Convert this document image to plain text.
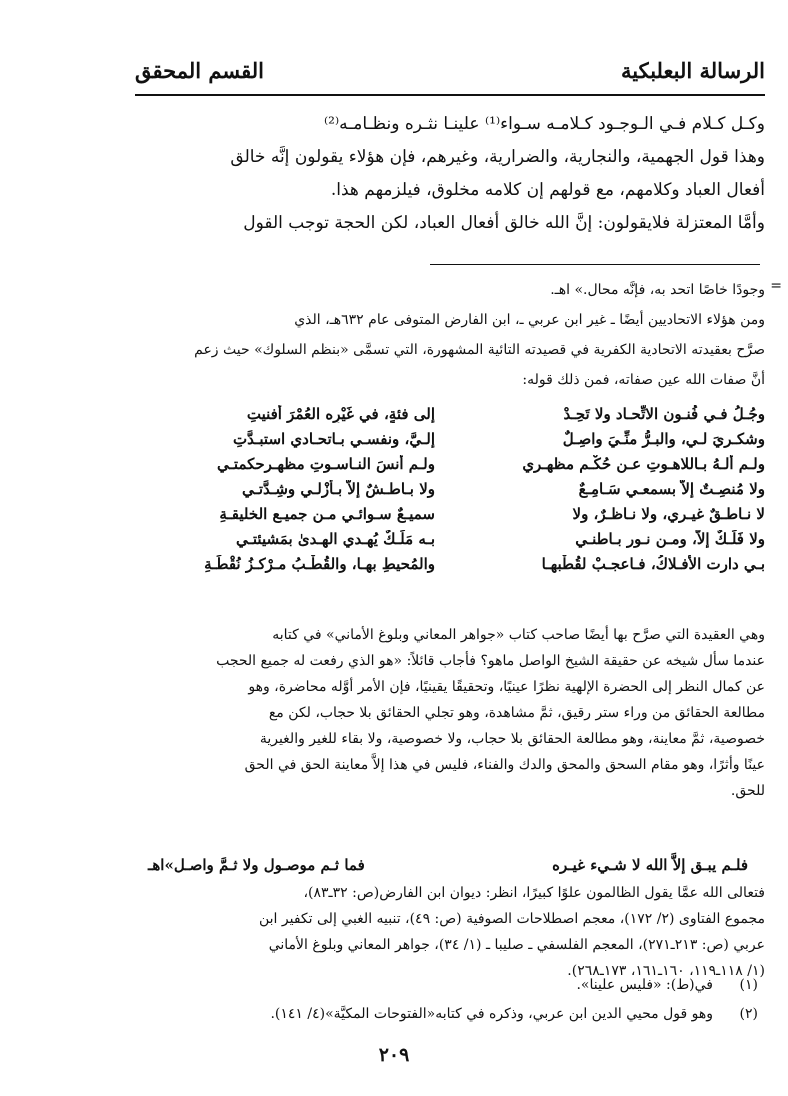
الرسالة البعلبكية
القسم المحقق

وكـل كـلام فـي الـوجـود كـلامـه سـواء⁽¹⁾ علينـا نثـره ونظـامـه⁽²⁾

وهذا قول الجهمية، والنجارية، والضرارية، وغيرهم، فإن هؤلاء يقولون إنَّه خالق

أفعال العباد وكلامهم، مع قولهم إن كلامه مخلوق، فيلزمهم هذا.

وأمَّا المعتزلة فلايقولون: إنَّ الله خالق أفعال العباد، لكن الحجة توجب القول

=

وجودًا خاصًا اتحد به، فإنَّه محال.» اهـ.

ومن هؤلاء الاتحاديين أيضًا ـ غير ابن عربي ـ، ابن الفارض المتوفى عام ٦٣٢هـ، الذي

صرَّح بعقيدته الاتحادية الكفرية في قصيدته التائية المشهورة، التي تسمَّى «بنظم السلوك» حيث زعم

أنَّ صفات الله عين صفاته، فمن ذلك قوله:

وجُـلُ فـي فُنـون الاتِّحـاد ولا تَحِـدْ
إلى فئةٍ، في غَيْرِه العُمْرَ أفنيتِ
وشكـريَ لـي، والبـرُّ منِّـيَ واصِـلٌ
إلـيَّ، ونفسـي بـاتحـادي استبـدَّتِ
ولـم ألـهُ بـاللاهـوتِ عـن حُكْـم مظهـري
ولـم أنسَ النـاسـوتِ مظهـرحكمتـي
ولا مُنصِـتٌ إلاَّ بسمعـي سَـامِـعٌ
ولا بـاطـشٌ إلاَّ بـأزْلـي وشِـدَّتـي
لا نـاطـقٌ غيـري، ولا نـاظـرٌ، ولا
سميـعٌ سـوائـي مـن جميـع الخليقـةِ
ولا فَلَـكٌ إلاَّ، ومـن نـور بـاطنـي
بـه مَلَـكٌ يُهـدي الهـدىٰ بمَشيئتـي
بـي دارت الأفـلاكُ، فـاعجـبْ لقُطْبهـا
والمُحيطِ بهـا، والقُطْـبُ مـرْكـزُ نُقْطَـةِ

وهي العقيدة التي صرَّح بها أيضًا صاحب كتاب «جواهر المعاني وبلوغ الأماني» في كتابه

عندما سأل شيخه عن حقيقة الشيخ الواصل ماهو؟ فأجاب قائلاً: «هو الذي رفعت له جميع الحجب

عن كمال النظر إلى الحضرة الإلهية نظرًا عينيًا، وتحقيقًا يقينيًا، فإن الأمر أوَّله محاضرة، وهو

مطالعة الحقائق من وراء ستر رقيق، ثمَّ مشاهدة، وهو تجلي الحقائق بلا حجاب، لكن مع

خصوصية، ثمَّ معاينة، وهو مطالعة الحقائق بلا حجاب، ولا خصوصية، ولا بقاء للغير والغيرية

عينًا وأثرًا، وهو مقام السحق والمحق والدك والفناء، فليس في هذا إلاَّ معاينة الحق في الحق

للحق.

فلـم يبـق إلاَّ الله لا شـيء غيـره
فما ثـم موصـول ولا ثـمَّ واصـل»اهـ

فتعالى الله عمَّا يقول الظالمون علوًا كبيرًا، انظر: ديوان ابن الفارض(ص: ٣٢ـ٨٣)،

مجموع الفتاوى (٢/ ١٧٢)، معجم اصطلاحات الصوفية (ص: ٤٩)، تنبيه الغبي إلى تكفير ابن

عربي (ص: ٢١٣ـ٢٧١)، المعجم الفلسفي ـ صليبا ـ (١/ ٣٤)، جواهر المعاني وبلوغ الأماني

(١/ ١١٨ـ١١٩، ١٦٠ـ١٦١، ١٧٣ـ٢٦٨).

(١)
في(ط): «فليس علينا».
(٢)
وهو قول محيي الدين ابن عربي، وذكره في كتابه«الفتوحات المكيَّة»(٤/ ١٤١).
٢٠٩
